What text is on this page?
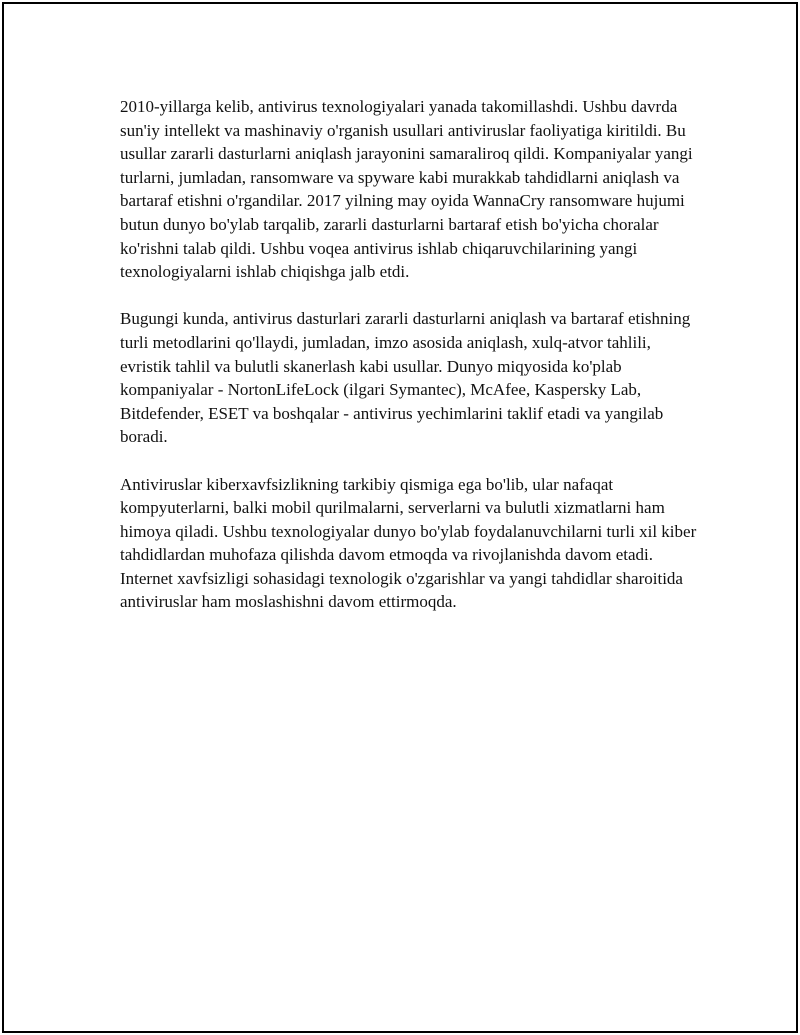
2010-yillarga kelib, antivirus texnologiyalari yanada takomillashdi. Ushbu davrda sun'iy intellekt va mashinaviy o'rganish usullari antiviruslar faoliyatiga kiritildi. Bu usullar zararli dasturlarni aniqlash jarayonini samaraliroq qildi. Kompaniyalar yangi turlarni, jumladan, ransomware va spyware kabi murakkab tahdidlarni aniqlash va bartaraf etishni o'rgandilar. 2017 yilning may oyida WannaCry ransomware hujumi butun dunyo bo'ylab tarqalib, zararli dasturlarni bartaraf etish bo'yicha choralar ko'rishni talab qildi. Ushbu voqea antivirus ishlab chiqaruvchilarining yangi texnologiyalarni ishlab chiqishga jalb etdi.

Bugungi kunda, antivirus dasturlari zararli dasturlarni aniqlash va bartaraf etishning turli metodlarini qo'llaydi, jumladan, imzo asosida aniqlash, xulq-atvor tahlili, evristik tahlil va bulutli skanerlash kabi usullar. Dunyo miqyosida ko'plab kompaniyalar - NortonLifeLock (ilgari Symantec), McAfee, Kaspersky Lab, Bitdefender, ESET va boshqalar - antivirus yechimlarini taklif etadi va yangilab boradi.

Antiviruslar kiberxavfsizlikning tarkibiy qismiga ega bo'lib, ular nafaqat kompyuterlarni, balki mobil qurilmalarni, serverlarni va bulutli xizmatlarni ham himoya qiladi. Ushbu texnologiyalar dunyo bo'ylab foydalanuvchilarni turli xil kiber tahdidlardan muhofaza qilishda davom etmoqda va rivojlanishda davom etadi. Internet xavfsizligi sohasidagi texnologik o'zgarishlar va yangi tahdidlar sharoitida antiviruslar ham moslashishni davom ettirmoqda.
